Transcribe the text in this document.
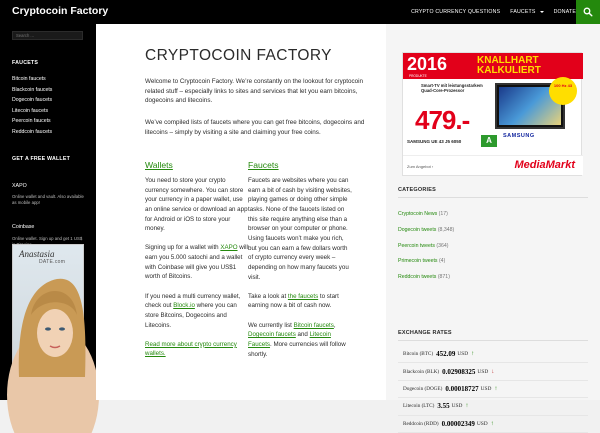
Cryptocoin Factory	CRYPTO CURRENCY QUESTIONS FAUCETS	DONATE
Search ...
FAUCETS
Bitcoin faucets
Blackcoin faucets
Dogecoin faucets
Litecoin faucets
Peercoin faucets
Reddcoin faucets
GET A FREE WALLET
XAPO
Online wallet and vault. Also available as mobile app!
Coinbase
Online wallet. Sign up and get 1 US$
Anastasia
DATE.com
CRYPTOCOIN FACTORY

Welcome to Cryptocoin Factory. We’re constantly on the lookout for cryptocoin related stuff – especially links to sites and services that let you earn bitcoins, dogecoins and litecoins.

We’ve compiled lists of faucets where you can get free bitcoins, dogecoins and litecoins – simply by visiting a site and claiming your free coins.

Wallets

You need to store your crypto currency somewhere. You can store your currency in a paper wallet, use an online service or download an app for Android or iOS to store your money.

Signing up for a wallet with XAPO will earn you 5.000 satochi and a wallet with Coinbase will give you US$1 worth of Bitcoins.

If you need a multi currency wallet, check out Block.io where you can store Bitcoins, Dogecoins and Litecoins.

Read more about crypto currency wallets.

Faucets

Faucets are websites where you can earn a bit of cash by visiting websites, playing games or doing other simple tasks. None of the faucets listed on this site require anything else than a browser on your computer or phone. Using faucets won’t make you rich, but you can earn a few dollars worth of crypto currency every week – depending on how many faucets you visit.

Take a look at the faucets to start earning now a bit of cash now.

We currently list Bitcoin faucets, Dogecoin faucets and Litecoin Faucets. More currencies will follow shortly.

2016
PRODUKTE
KNALLHART KALKULIERT
Smart-TV mit leistungsstarkem Quad-Core-Prozessor
100 Hz 43
479.-
SAMSUNG UE 43 J5 6050	A	SAMSUNG
Zum Angebot ›	MediaMarkt
CATEGORIES
Cryptocoin News (17)
Dogecoin tweets (8,348)
Peercoin tweets (364)
Primecoin tweets (4)
Reddcoin tweets (871)
EXCHANGE RATES
Bitcoin (BTC) 452.09 USD ↑
Blackcoin (BLK) 0.02908325 USD ↓
Dogecoin (DOGE) 0.00018727 USD ↑
Litecoin (LTC) 3.55 USD ↑
Reddcoin (RDD) 0.00002349 USD ↑
